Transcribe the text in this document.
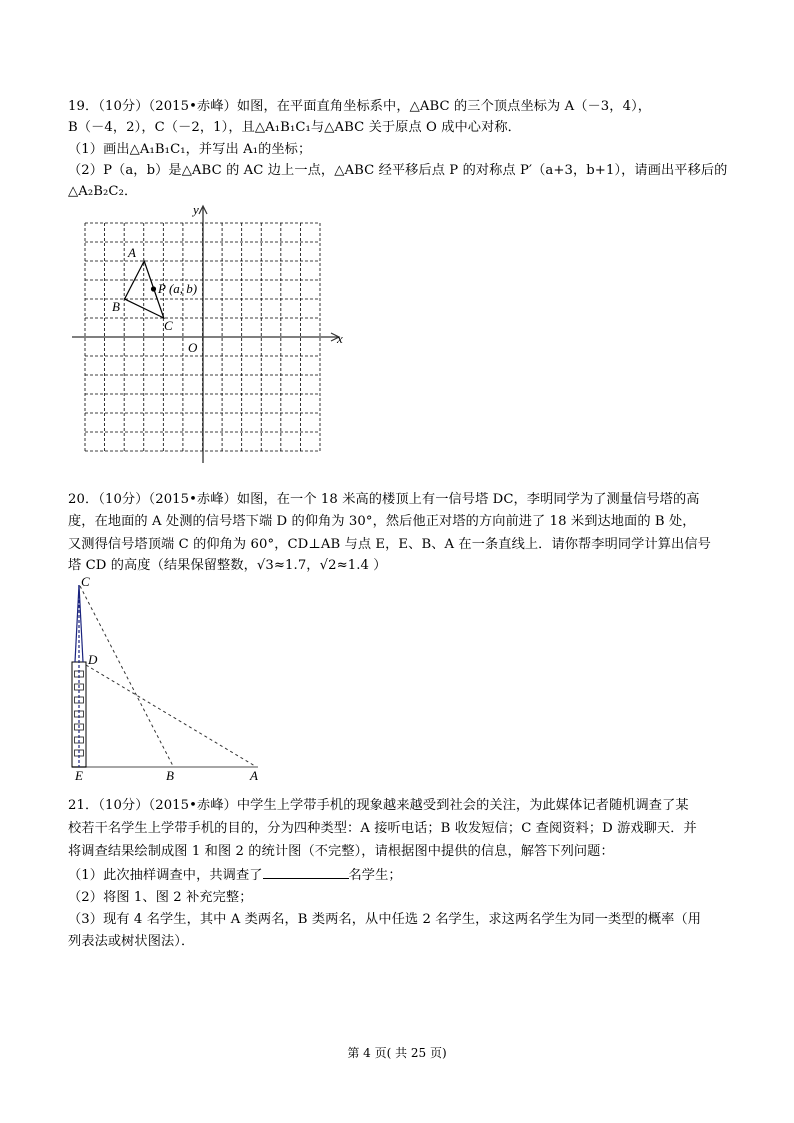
19．（10分）（2015•赤峰）如图，在平面直角坐标系中，△ABC 的三个顶点坐标为 A（－3，4），
B（－4，2），C（－2，1），且△A₁B₁C₁与△ABC 关于原点 O 成中心对称．
（1）画出△A₁B₁C₁，并写出 A₁的坐标；
（2）P（a，b）是△ABC 的 AC 边上一点，△ABC 经平移后点 P 的对称点 P′（a+3，b+1），请画出平移后的
△A₂B₂C₂．
x
y
O
A
B
C
P (a, b)
20．（10分）（2015•赤峰）如图，在一个 18 米高的楼顶上有一信号塔 DC，李明同学为了测量信号塔的高
度，在地面的 A 处测的信号塔下端 D 的仰角为 30°，然后他正对塔的方向前进了 18 米到达地面的 B 处，
又测得信号塔顶端 C 的仰角为 60°，CD⊥AB 与点 E，E、B、A 在一条直线上．请你帮李明同学计算出信号
塔 CD 的高度（结果保留整数，√3≈1.7，√2≈1.4 ）
C
D
E	B	A
21．（10分）（2015•赤峰）中学生上学带手机的现象越来越受到社会的关注，为此媒体记者随机调查了某
校若干名学生上学带手机的目的，分为四种类型：A 接听电话；B 收发短信；C 查阅资料；D 游戏聊天．并
将调查结果绘制成图 1 和图 2 的统计图（不完整），请根据图中提供的信息，解答下列问题：
（1）此次抽样调查中，共调查了	名学生；
（2）将图 1、图 2 补充完整；
（3）现有 4 名学生，其中 A 类两名，B 类两名，从中任选 2 名学生，求这两名学生为同一类型的概率（用
列表法或树状图法）．
第 4 页( 共 25 页)
